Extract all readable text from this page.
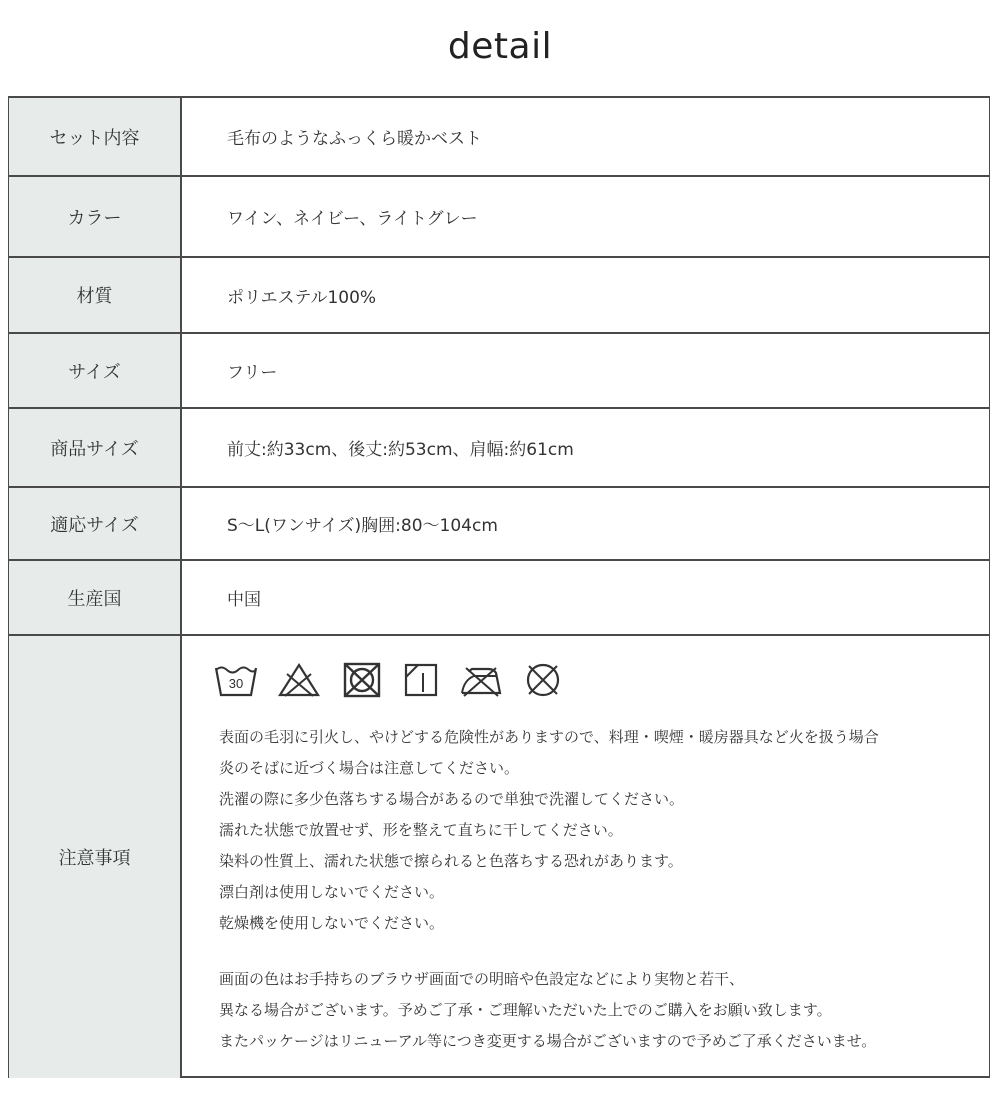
detail
セット内容	毛布のようなふっくら暖かベスト
カラー	ワイン、ネイビー、ライトグレー
材質	ポリエステル100%
サイズ	フリー
商品サイズ	前丈:約33cm、後丈:約53cm、肩幅:約61cm
適応サイズ	S〜L(ワンサイズ)胸囲:80〜104cm
生産国	中国
注意事項
30
表面の毛羽に引火し、やけどする危険性がありますので、料理・喫煙・暖房器具など火を扱う場合
炎のそばに近づく場合は注意してください。
洗濯の際に多少色落ちする場合があるので単独で洗濯してください。
濡れた状態で放置せず、形を整えて直ちに干してください。
染料の性質上、濡れた状態で擦られると色落ちする恐れがあります。
漂白剤は使用しないでください。
乾燥機を使用しないでください。
画面の色はお手持ちのブラウザ画面での明暗や色設定などにより実物と若干、
異なる場合がございます。予めご了承・ご理解いただいた上でのご購入をお願い致します。
またパッケージはリニューアル等につき変更する場合がございますので予めご了承くださいませ。
